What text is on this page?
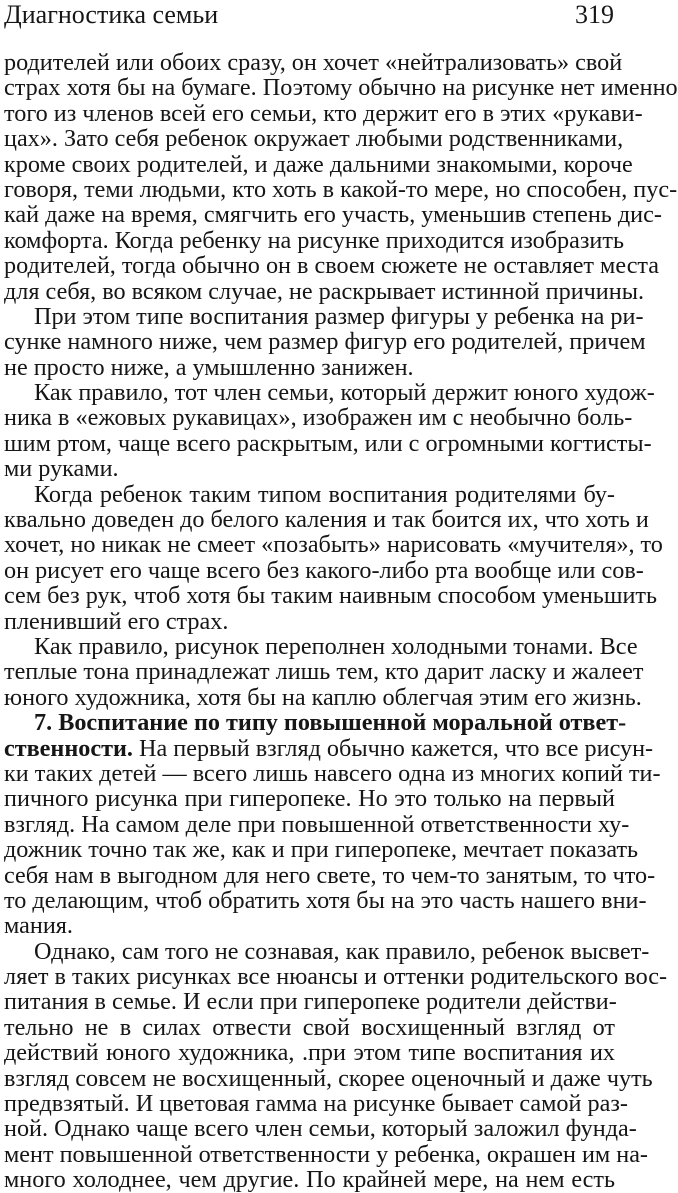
Диагностика семьи	319
родителей или обоих сразу, он хочет «нейтрализовать» свой
страх хотя бы на бумаге. Поэтому обычно на рисунке нет именно
того из членов всей его семьи, кто держит его в этих «рукави-
цах». Зато себя ребенок окружает любыми родственниками,
кроме своих родителей, и даже дальними знакомыми, короче
говоря, теми людьми, кто хоть в какой-то мере, но способен, пус-
кай даже на время, смягчить его участь, уменьшив степень дис-
комфорта. Когда ребенку на рисунке приходится изобразить
родителей, тогда обычно он в своем сюжете не оставляет места
для себя, во всяком случае, не раскрывает истинной причины.
При этом типе воспитания размер фигуры у ребенка на ри-
сунке намного ниже, чем размер фигур его родителей, причем
не просто ниже, а умышленно занижен.
Как правило, тот член семьи, который держит юного худож-
ника в «ежовых рукавицах», изображен им с необычно боль-
шим ртом, чаще всего раскрытым, или с огромными когтисты-
ми руками.
Когда ребенок таким типом воспитания родителями бу-
квально доведен до белого каления и так боится их, что хоть и
хочет, но никак не смеет «позабыть» нарисовать «мучителя», то
он рисует его чаще всего без какого-либо рта вообще или сов-
сем без рук, чтоб хотя бы таким наивным способом уменьшить
пленивший его страх.
Как правило, рисунок переполнен холодными тонами. Все
теплые тона принадлежат лишь тем, кто дарит ласку и жалеет
юного художника, хотя бы на каплю облегчая этим его жизнь.
7. Воспитание по типу повышенной моральной ответ-
ственности. На первый взгляд обычно кажется, что все рисун-
ки таких детей — всего лишь навсего одна из многих копий ти-
пичного рисунка при гиперопеке. Но это только на первый
взгляд. На самом деле при повышенной ответственности ху-
дожник точно так же, как и при гиперопеке, мечтает показать
себя нам в выгодном для него свете, то чем-то занятым, то что-
то делающим, чтоб обратить хотя бы на это часть нашего вни-
мания.
Однако, сам того не сознавая, как правило, ребенок высвет-
ляет в таких рисунках все нюансы и оттенки родительского вос-
питания в семье. И если при гиперопеке родители действи-
тельно не в силах отвести свой восхищенный взгляд от
действий юного художника, .при этом типе воспитания их
взгляд совсем не восхищенный, скорее оценочный и даже чуть
предвзятый. И цветовая гамма на рисунке бывает самой раз-
ной. Однако чаще всего член семьи, который заложил фунда-
мент повышенной ответственности у ребенка, окрашен им на-
много холоднее, чем другие. По крайней мере, на нем есть
